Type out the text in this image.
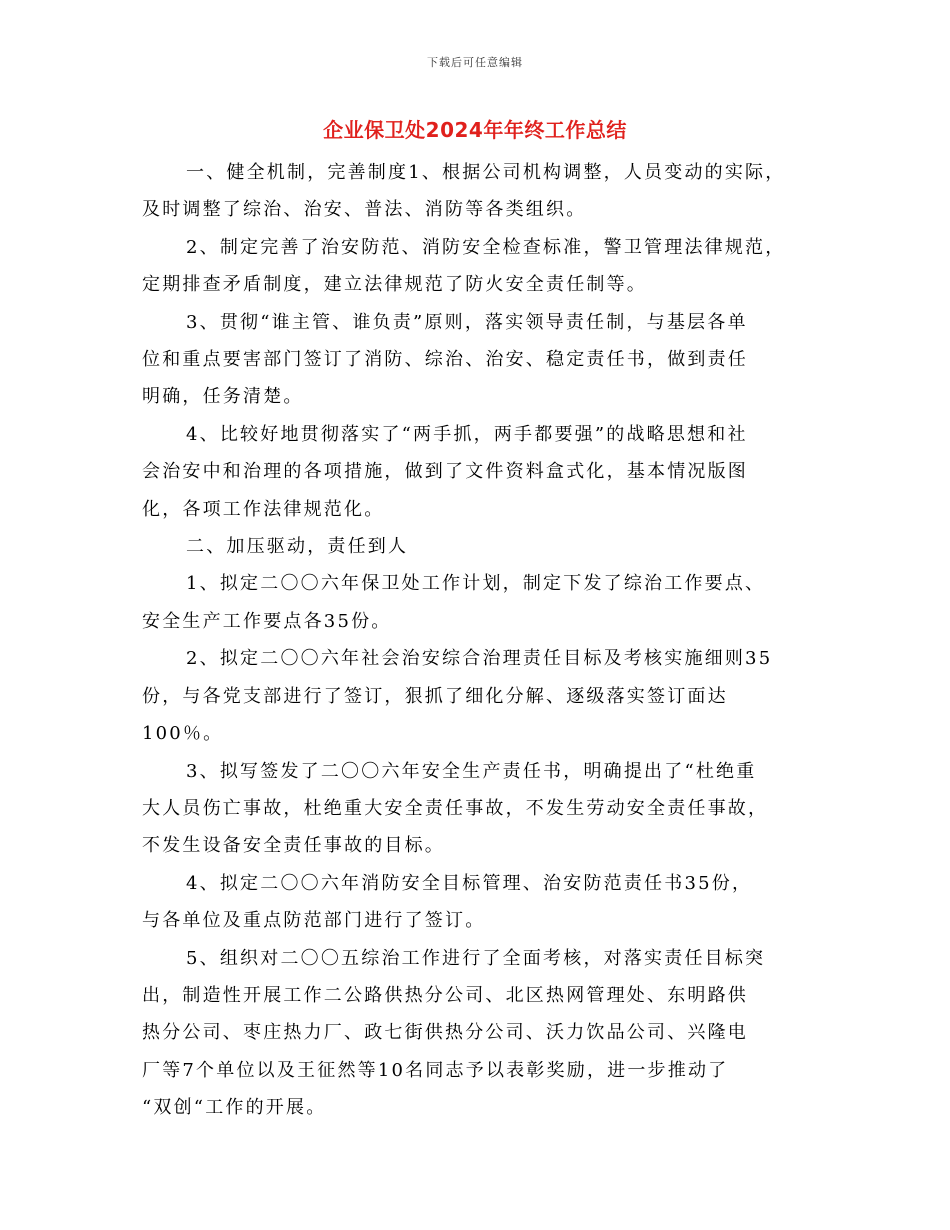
下载后可任意编辑
企业保卫处2024年年终工作总结

一、健全机制，完善制度1、根据公司机构调整，人员变动的实际，
及时调整了综治、治安、普法、消防等各类组织。

2、制定完善了治安防范、消防安全检查标准，警卫管理法律规范，
定期排查矛盾制度，建立法律规范了防火安全责任制等。

3、贯彻“谁主管、谁负责”原则，落实领导责任制，与基层各单
位和重点要害部门签订了消防、综治、治安、稳定责任书，做到责任
明确，任务清楚。

4、比较好地贯彻落实了“两手抓，两手都要强”的战略思想和社
会治安中和治理的各项措施，做到了文件资料盒式化，基本情况版图
化，各项工作法律规范化。

二、加压驱动，责任到人

1、拟定二〇〇六年保卫处工作计划，制定下发了综治工作要点、
安全生产工作要点各35份。

2、拟定二〇〇六年社会治安综合治理责任目标及考核实施细则35
份，与各党支部进行了签订，狠抓了细化分解、逐级落实签订面达
100％。

3、拟写签发了二〇〇六年安全生产责任书，明确提出了“杜绝重
大人员伤亡事故，杜绝重大安全责任事故，不发生劳动安全责任事故，
不发生设备安全责任事故的目标。

4、拟定二〇〇六年消防安全目标管理、治安防范责任书35份，
与各单位及重点防范部门进行了签订。

5、组织对二〇〇五综治工作进行了全面考核，对落实责任目标突
出，制造性开展工作二公路供热分公司、北区热网管理处、东明路供
热分公司、枣庄热力厂、政七街供热分公司、沃力饮品公司、兴隆电
厂等7个单位以及王征然等10名同志予以表彰奖励，进一步推动了
“双创“工作的开展。
